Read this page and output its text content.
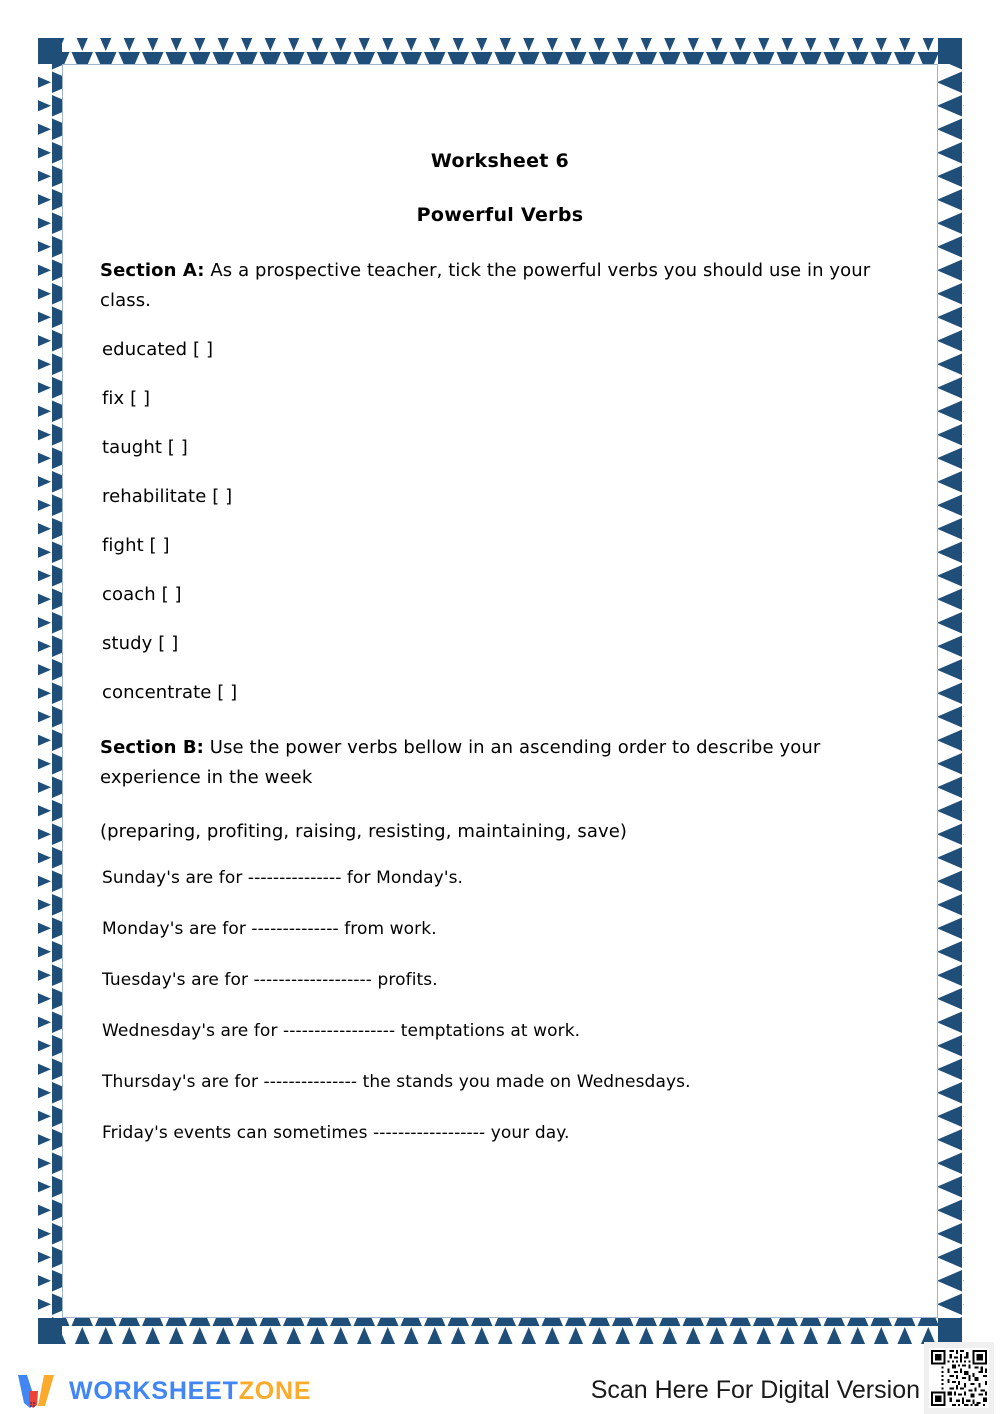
Worksheet 6
Powerful Verbs

Section A: As a prospective teacher, tick the powerful verbs you should use in your class.

educated [ ]
fix [ ]
taught [ ]
rehabilitate [ ]
fight [ ]
coach [ ]
study [ ]
concentrate [ ]

Section B: Use the power verbs bellow in an ascending order to describe your experience in the week

(preparing, profiting, raising, resisting, maintaining, save)
Sunday's are for --------------- for Monday's.
Monday's are for -------------- from work.
Tuesday's are for ------------------- profits.
Wednesday's are for ------------------ temptations at work.
Thursday's are for --------------- the stands you made on Wednesdays.
Friday's events can sometimes ------------------ your day.
WORKSHEETZONE	Scan Here For Digital Version
